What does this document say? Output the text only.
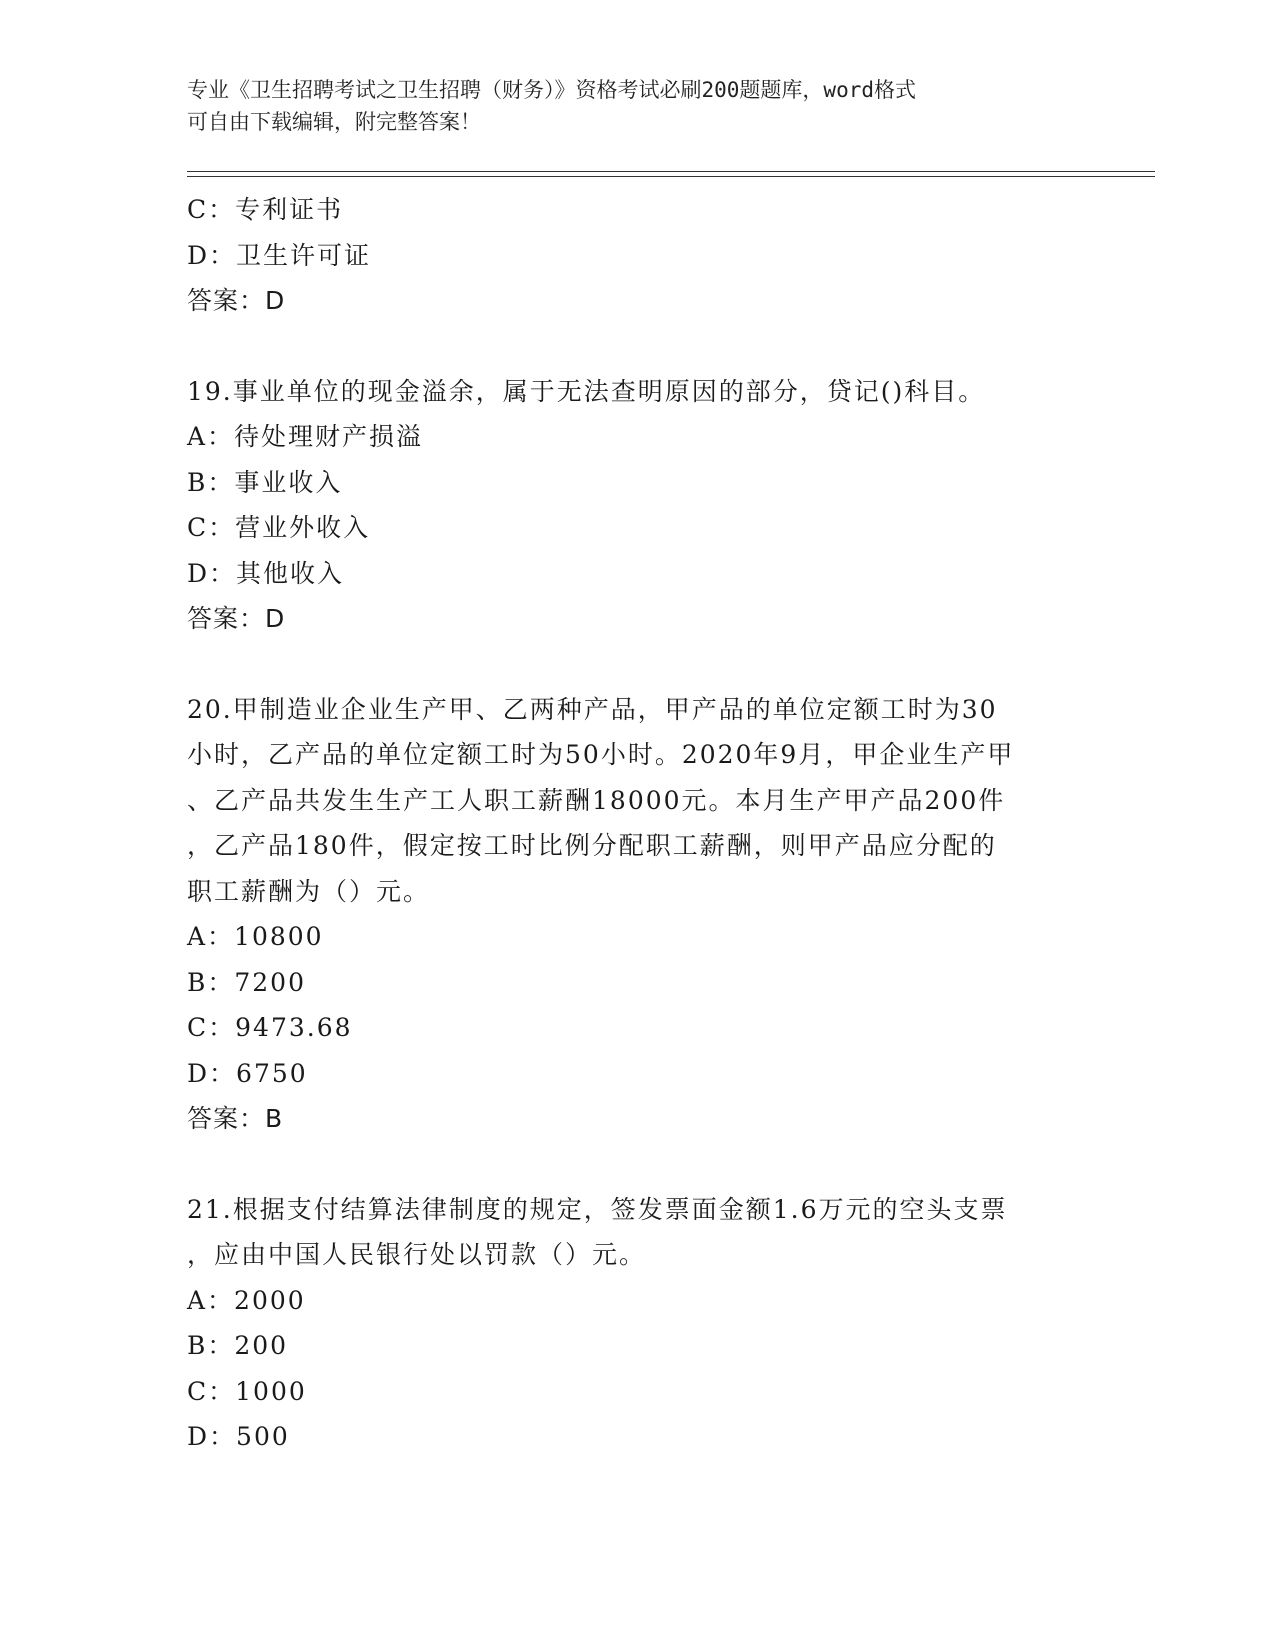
专业《卫生招聘考试之卫生招聘（财务）》资格考试必刷200题题库，word格式
可自由下载编辑，附完整答案！
C：专利证书
D：卫生许可证
答案：D
19.事业单位的现金溢余，属于无法查明原因的部分，贷记()科目。
A：待处理财产损溢
B：事业收入
C：营业外收入
D：其他收入
答案：D
20.甲制造业企业生产甲、乙两种产品，甲产品的单位定额工时为30
小时，乙产品的单位定额工时为50小时。2020年9月，甲企业生产甲
、乙产品共发生生产工人职工薪酬18000元。本月生产甲产品200件
，乙产品180件，假定按工时比例分配职工薪酬，则甲产品应分配的
职工薪酬为（）元。
A：10800
B：7200
C：9473.68
D：6750
答案：B
21.根据支付结算法律制度的规定，签发票面金额1.6万元的空头支票
，应由中国人民银行处以罚款（）元。
A：2000
B：200
C：1000
D：500
